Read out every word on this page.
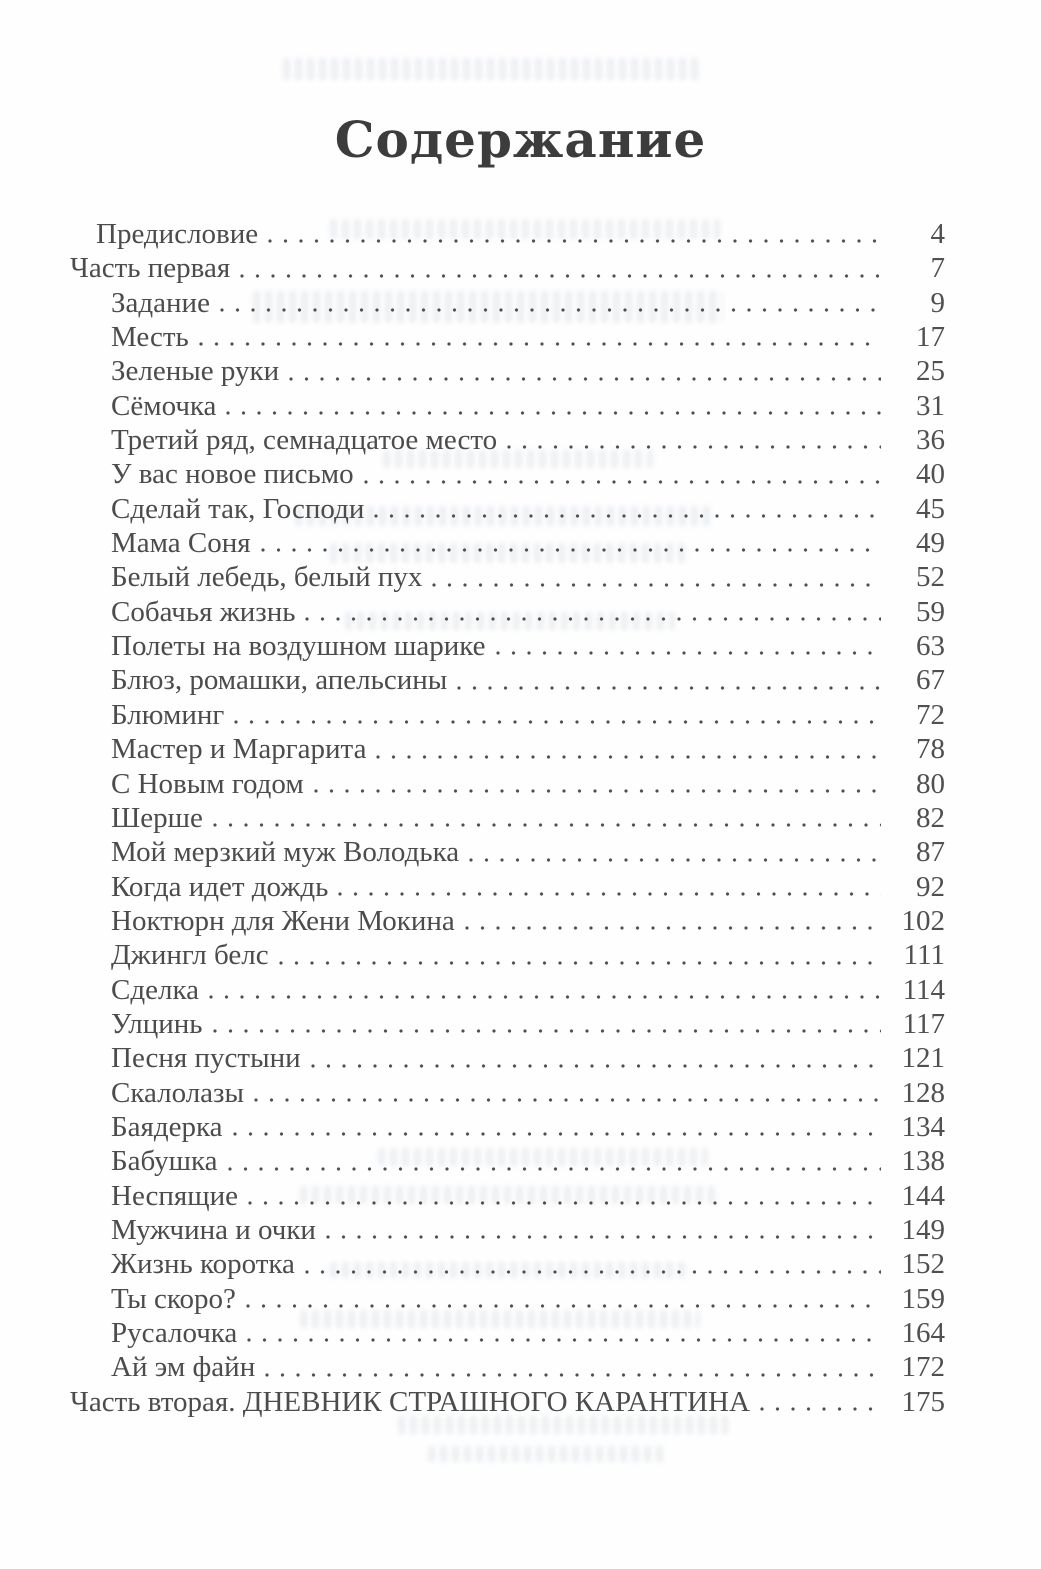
Содержание
Предисловие	4
Часть первая	7
Задание	9
Месть	17
Зеленые руки	25
Сёмочка	31
Третий ряд, семнадцатое место	36
У вас новое письмо	40
Сделай так, Господи	45
Мама Соня	49
Белый лебедь, белый пух	52
Собачья жизнь	59
Полеты на воздушном шарике	63
Блюз, ромашки, апельсины	67
Блюминг	72
Мастер и Маргарита	78
С Новым годом	80
Шерше	82
Мой мерзкий муж Володька	87
Когда идет дождь	92
Ноктюрн для Жени Мокина	102
Джингл белс	111
Сделка	114
Улцинь	117
Песня пустыни	121
Скалолазы	128
Баядерка	134
Бабушка	138
Неспящие	144
Мужчина и очки	149
Жизнь коротка	152
Ты скоро?	159
Русалочка	164
Ай эм файн	172
Часть вторая. ДНЕВНИК СТРАШНОГО КАРАНТИНА	175
